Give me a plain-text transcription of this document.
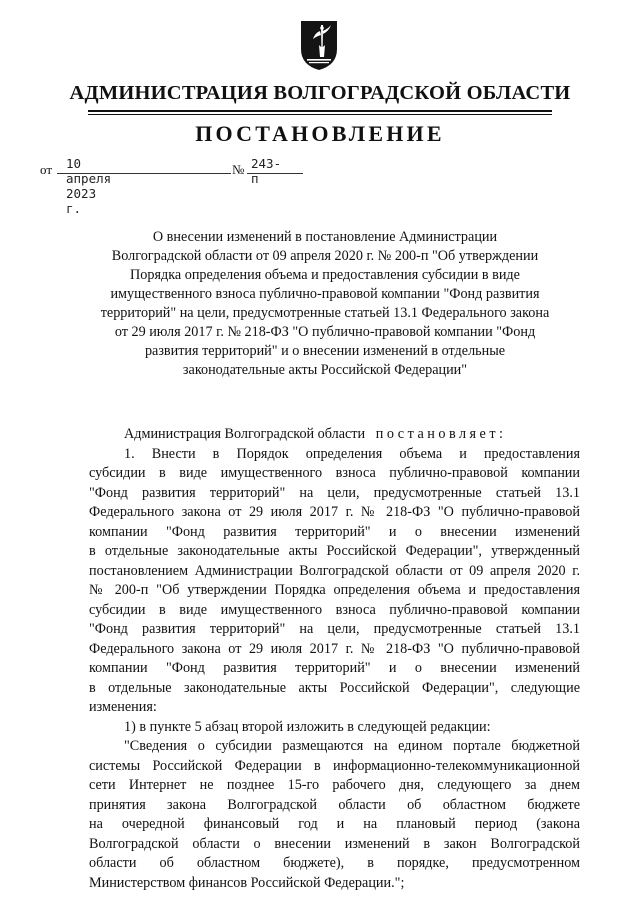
АДМИНИСТРАЦИЯ ВОЛГОГРАДСКОЙ ОБЛАСТИ
ПОСТАНОВЛЕНИЕ
от 10 апреля 2023 г.
№ 243-п
О внесении изменений в постановление Администрации
Волгоградской области от 09 апреля 2020 г. № 200-п "Об утверждении
Порядка определения объема и предоставления субсидии в виде
имущественного взноса публично-правовой компании "Фонд развития
территорий" на цели, предусмотренные статьей 13.1 Федерального закона
от 29 июля 2017 г. № 218-ФЗ "О публично-правовой компании "Фонд
развития территорий" и о внесении изменений в отдельные
законодательные акты Российской Федерации"
Администрация Волгоградской области постановляет:
1. Внести в Порядок определения объема и предоставления
субсидии в виде имущественного взноса публично-правовой компании
"Фонд развития территорий" на цели, предусмотренные статьей 13.1
Федерального закона от 29 июля 2017 г. № 218-ФЗ "О публично-правовой
компании "Фонд развития территорий" и о внесении изменений
в отдельные законодательные акты Российской Федерации", утвержденный
постановлением Администрации Волгоградской области от 09 апреля 2020 г.
№ 200-п "Об утверждении Порядка определения объема и предоставления
субсидии в виде имущественного взноса публично-правовой компании
"Фонд развития территорий" на цели, предусмотренные статьей 13.1
Федерального закона от 29 июля 2017 г. № 218-ФЗ "О публично-правовой
компании "Фонд развития территорий" и о внесении изменений
в отдельные законодательные акты Российской Федерации", следующие
изменения:
1) в пункте 5 абзац второй изложить в следующей редакции:
"Сведения о субсидии размещаются на едином портале бюджетной
системы Российской Федерации в информационно-телекоммуникационной
сети Интернет не позднее 15-го рабочего дня, следующего за днем
принятия закона Волгоградской области об областном бюджете
на очередной финансовый год и на плановый период (закона
Волгоградской области о внесении изменений в закон Волгоградской
области об областном бюджете), в порядке, предусмотренном
Министерством финансов Российской Федерации.";
